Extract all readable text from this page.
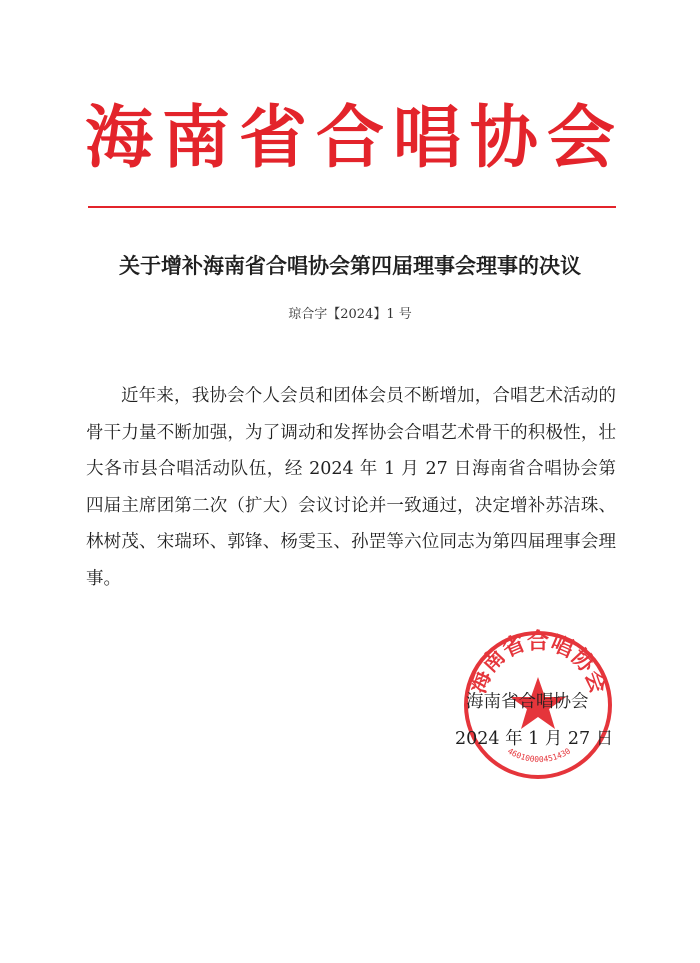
海 南 省 合 唱 协 会
关于增补海南省合唱协会第四届理事会理事的决议
琼合字【2024】1 号

近年来，我协会个人会员和团体会员不断增加，合唱艺术活动的骨干力量不断加强，为了调动和发挥协会合唱艺术骨干的积极性，壮大各市县合唱活动队伍，经 2024 年 1 月 27 日海南省合唱协会第四届主席团第二次（扩大）会议讨论并一致通过，决定增补苏洁珠、林树茂、宋瑞环、郭锋、杨雯玉、孙罡等六位同志为第四届理事会理事。

海南省合唱协会
4601000045143​0
海南省合唱协会
2024 年 1 月 27 日
